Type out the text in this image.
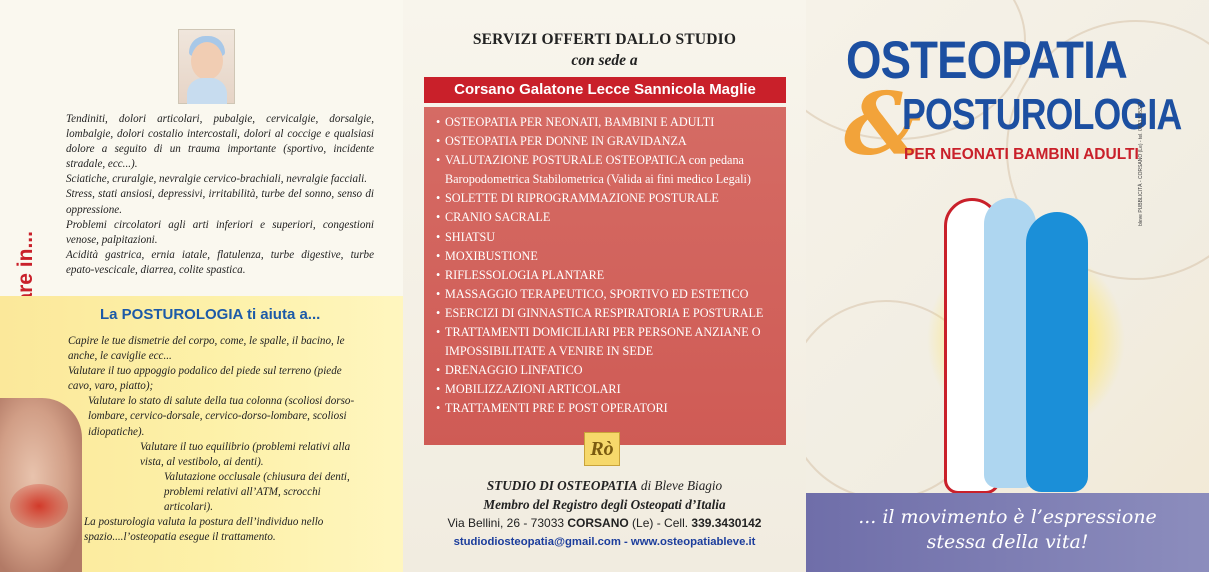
Tendiniti, dolori articolari, pubalgie, cervicalgie, dorsalgie, lombalgie, dolori costalio intercostali, dolori al coccige e qualsiasi dolore a seguito di un trauma importante (sportivo, incidente stradale, ecc...).

Sciatiche, cruralgie, nevralgie cervico-brachiali, nevralgie facciali.

Stress, stati ansiosi, depressivi, irritabilità, turbe del sonno, senso di oppressione.

Problemi circolatori agli arti inferiori e superiori, congestioni venose, palpitazioni.

Acidità gastrica, ernia iatale, flatulenza, turbe digestive, turbe epato-vescicale, diarrea, colite spastica.

La POSTUROLOGIA ti aiuta a...

Capire le tue dismetrie del corpo, come, le spalle, il bacino, le anche, le caviglie ecc...

Valutare il tuo appoggio podalico del piede sul terreno (piede cavo, varo, piatto);

Valutare lo stato di salute della tua colonna (scoliosi dorso-lombare, cervico-dorsale, cervico-dorso-lombare, scoliosi idiopatiche).

Valutare il tuo equilibrio (problemi relativi alla vista, al vestibolo, ai denti).

Valutazione occlusale (chiusura dei denti, problemi relativi all’ATM, scrocchi articolari).

La posturologia valuta la postura dell’individuo nello spazio....l’osteopatia esegue il trattamento.

SERVIZI OFFERTI DALLO STUDIO
con sede a
Corsano Galatone Lecce Sannicola Maglie
• OSTEOPATIA PER NEONATI, BAMBINI E ADULTI
• OSTEOPATIA PER DONNE IN GRAVIDANZA
• VALUTAZIONE POSTURALE OSTEOPATICA con pedana
Baropodometrica Stabilometrica (Valida ai fini medico Legali)
• SOLETTE DI RIPROGRAMMAZIONE POSTURALE
• CRANIO SACRALE
• SHIATSU
• MOXIBUSTIONE
• RIFLESSOLOGIA PLANTARE
• MASSAGGIO TERAPEUTICO, SPORTIVO ED ESTETICO
• ESERCIZI DI GINNASTICA RESPIRATORIA E POSTURALE
• TRATTAMENTI DOMICILIARI PER PERSONE ANZIANE O
IMPOSSIBILITATE A VENIRE IN SEDE
• DRENAGGIO LINFATICO
• MOBILIZZAZIONI ARTICOLARI
• TRATTAMENTI PRE E POST OPERATORI
Rò
STUDIO DI OSTEOPATIA di Bleve Biagio
Membro del Registro degli Osteopati d’Italia
Via Bellini, 26 - 73033 CORSANO (Le) - Cell. 339.3430142
studiodiosteopatia@gmail.com - www.osteopatiableve.it
OSTEOPATIA
&
POSTUROLOGIA
PER NEONATI BAMBINI ADULTI bleve PUBBLICITÀ - CORSANO (Le) - tel. 0833.535372
... il movimento è l’espressione
stessa della vita!
